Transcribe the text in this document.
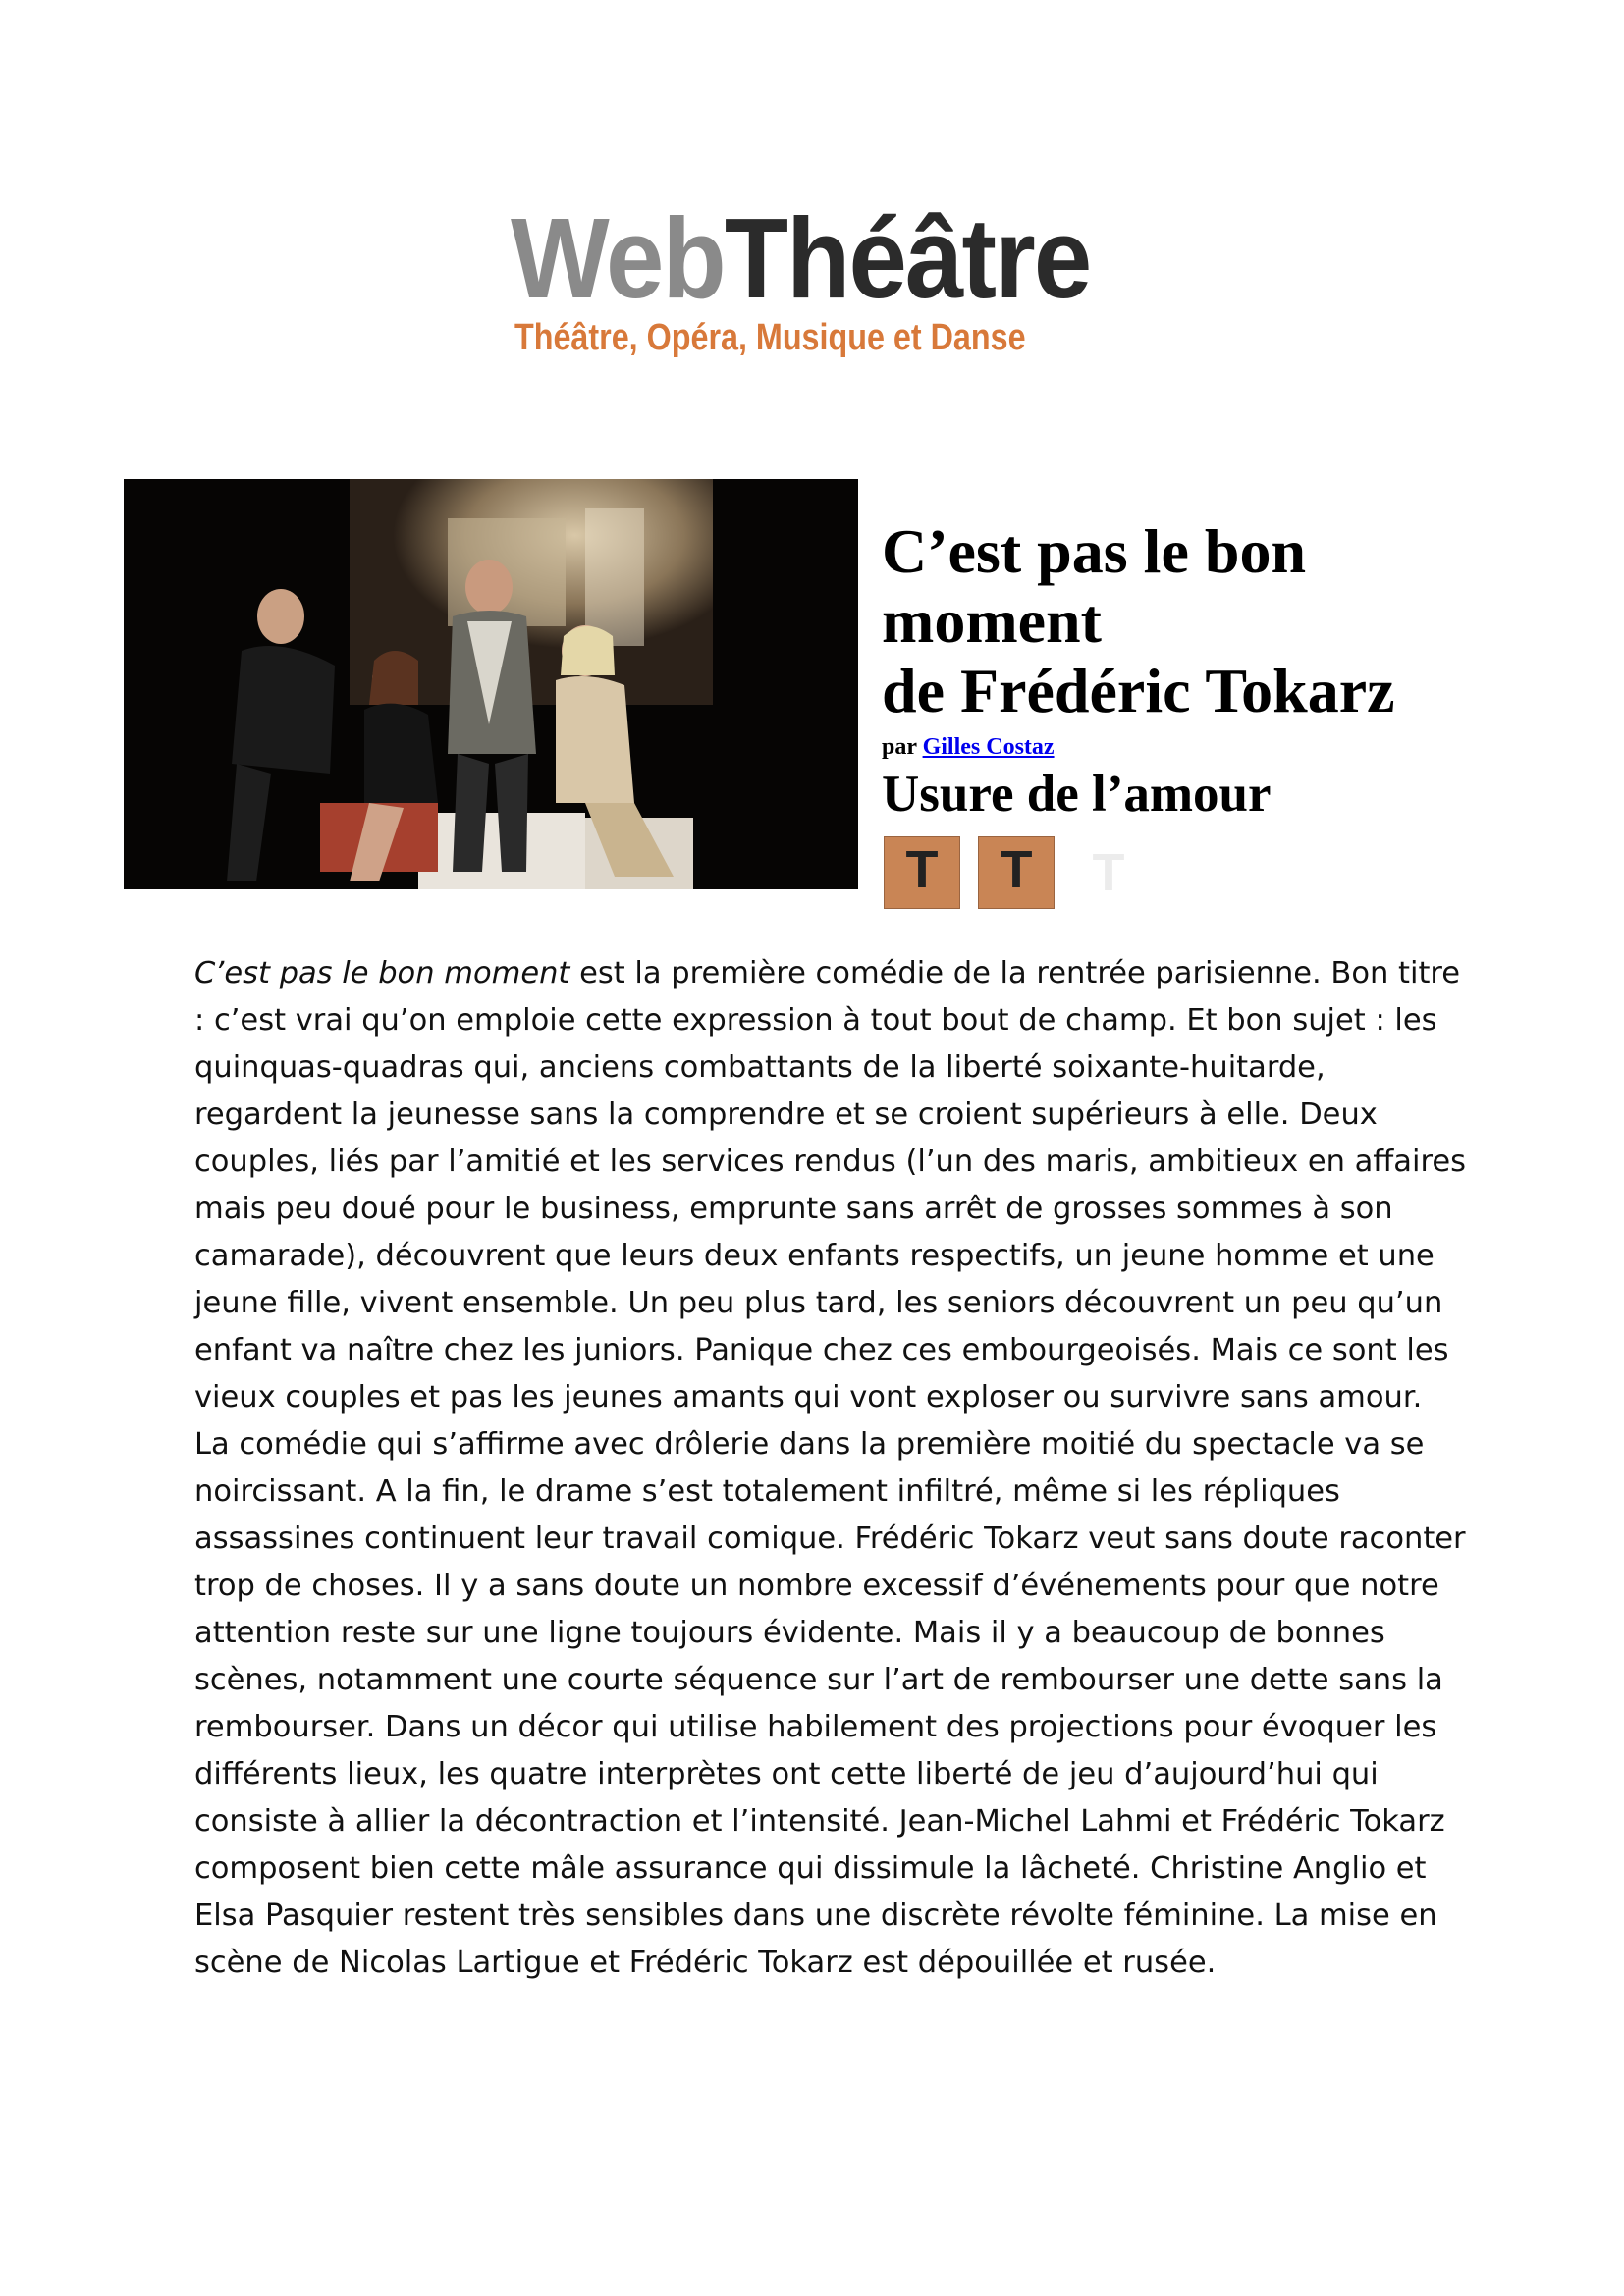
WebThéâtre
Théâtre, Opéra, Musique et Danse
C’est pas le bon
moment
de Frédéric Tokarz
par Gilles Costaz
Usure de l’amour
T	T	T

C’est pas le bon moment est la première comédie de la rentrée parisienne. Bon titre : c’est vrai qu’on emploie cette expression à tout bout de champ. Et bon sujet : les quinquas-quadras qui, anciens combattants de la liberté soixante-huitarde, regardent la jeunesse sans la comprendre et se croient supérieurs à elle. Deux couples, liés par l’amitié et les services rendus (l’un des maris, ambitieux en affaires mais peu doué pour le business, emprunte sans arrêt de grosses sommes à son camarade), découvrent que leurs deux enfants respectifs, un jeune homme et une jeune fille, vivent ensemble. Un peu plus tard, les seniors découvrent un peu qu’un enfant va naître chez les juniors. Panique chez ces embourgeoisés. Mais ce sont les vieux couples et pas les jeunes amants qui vont exploser ou survivre sans amour.

La comédie qui s’affirme avec drôlerie dans la première moitié du spectacle va se noircissant. A la fin, le drame s’est totalement infiltré, même si les répliques assassines continuent leur travail comique. Frédéric Tokarz veut sans doute raconter trop de choses. Il y a sans doute un nombre excessif d’événements pour que notre attention reste sur une ligne toujours évidente. Mais il y a beaucoup de bonnes scènes, notamment une courte séquence sur l’art de rembourser une dette sans la rembourser. Dans un décor qui utilise habilement des projections pour évoquer les différents lieux, les quatre interprètes ont cette liberté de jeu d’aujourd’hui qui consiste à allier la décontraction et l’intensité. Jean-Michel Lahmi et Frédéric Tokarz composent bien cette mâle assurance qui dissimule la lâcheté. Christine Anglio et Elsa Pasquier restent très sensibles dans une discrète révolte féminine. La mise en scène de Nicolas Lartigue et Frédéric Tokarz est dépouillée et rusée.
